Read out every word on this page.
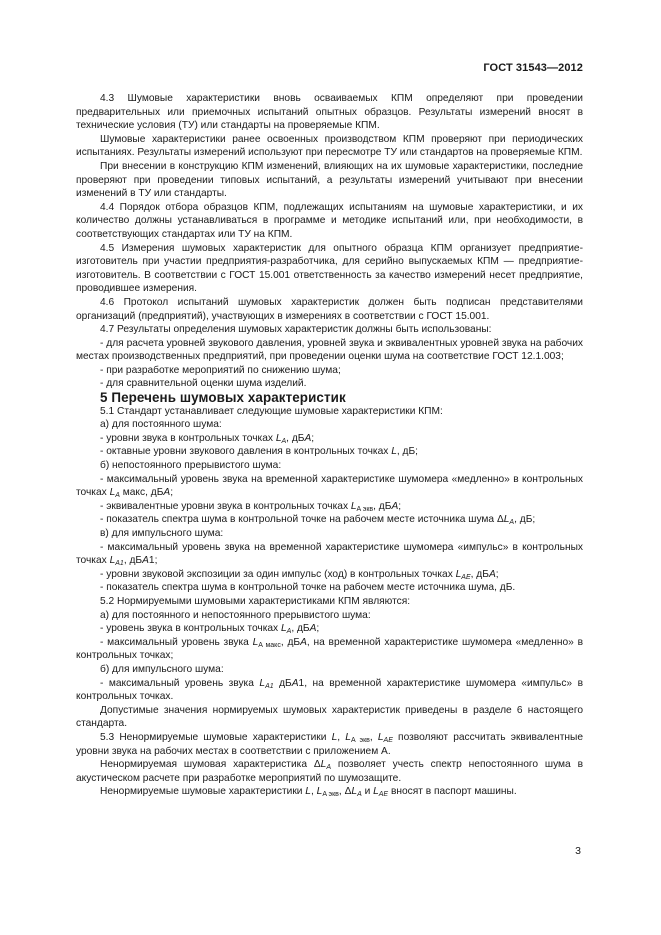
ГОСТ 31543—2012

4.3 Шумовые характеристики вновь осваиваемых КПМ определяют при проведении предварительных или приемочных испытаний опытных образцов. Результаты измерений вносят в технические условия (ТУ) или стандарты на проверяемые КПМ.

Шумовые характеристики ранее освоенных производством КПМ проверяют при периодических испытаниях. Результаты измерений используют при пересмотре ТУ или стандартов на проверяемые КПМ.

При внесении в конструкцию КПМ изменений, влияющих на их шумовые характеристики, последние проверяют при проведении типовых испытаний, а результаты измерений учитывают при внесении изменений в ТУ или стандарты.

4.4 Порядок отбора образцов КПМ, подлежащих испытаниям на шумовые характеристики, и их количество должны устанавливаться в программе и методике испытаний или, при необходимости, в соответствующих стандартах или ТУ на КПМ.

4.5 Измерения шумовых характеристик для опытного образца КПМ организует предприятие-изготовитель при участии предприятия-разработчика, для серийно выпускаемых КПМ — предприятие-изготовитель. В соответствии с ГОСТ 15.001 ответственность за качество измерений несет предприятие, проводившее измерения.

4.6 Протокол испытаний шумовых характеристик должен быть подписан представителями организаций (предприятий), участвующих в измерениях в соответствии с ГОСТ 15.001.

4.7 Результаты определения шумовых характеристик должны быть использованы:

- для расчета уровней звукового давления, уровней звука и эквивалентных уровней звука на рабочих местах производственных предприятий, при проведении оценки шума на соответствие ГОСТ 12.1.003;

- при разработке мероприятий по снижению шума;

- для сравнительной оценки шума изделий.

5 Перечень шумовых характеристик

5.1 Стандарт устанавливает следующие шумовые характеристики КПМ:

а) для постоянного шума:

- уровни звука в контрольных точках $L_A$, дБА;

- октавные уровни звукового давления в контрольных точках L, дБ;

б) непостоянного прерывистого шума:

- максимальный уровень звука на временной характеристике шумомера «медленно» в контрольных точках $L_A$ макс, дБА;

- эквивалентные уровни звука в контрольных точках $L_{A экв}$, дБА;

- показатель спектра шума в контрольной точке на рабочем месте источника шума $\Delta L_A$, дБ;

в) для импульсного шума:

- максимальный уровень звука на временной характеристике шумомера «импульс» в контрольных точках $L_{A1}$, дБА1;

- уровни звуковой экспозиции за один импульс (ход) в контрольных точках $L_{AE}$, дБА;

- показатель спектра шума в контрольной точке на рабочем месте источника шума, дБ.

5.2 Нормируемыми шумовыми характеристиками КПМ являются:

а) для постоянного и непостоянного прерывистого шума:

- уровень звука в контрольных точках $L_A$, дБА;

- максимальный уровень звука $L_{A макс}$, дБА, на временной характеристике шумомера «медленно» в контрольных точках;

б) для импульсного шума:

- максимальный уровень звука $L_{A1}$ дБА1, на временной характеристике шумомера «импульс» в контрольных точках.

Допустимые значения нормируемых шумовых характеристик приведены в разделе 6 настоящего стандарта.

5.3 Ненормируемые шумовые характеристики L, $L_{A экв}$, $L_{AE}$ позволяют рассчитать эквивалентные уровни звука на рабочих местах в соответствии с приложением А.

Ненормируемая шумовая характеристика $\Delta L_A$ позволяет учесть спектр непостоянного шума в акустическом расчете при разработке мероприятий по шумозащите.

Ненормируемые шумовые характеристики L, $L_{A экв}$, $\Delta L_A$ и $L_{AE}$ вносят в паспорт машины.

3
